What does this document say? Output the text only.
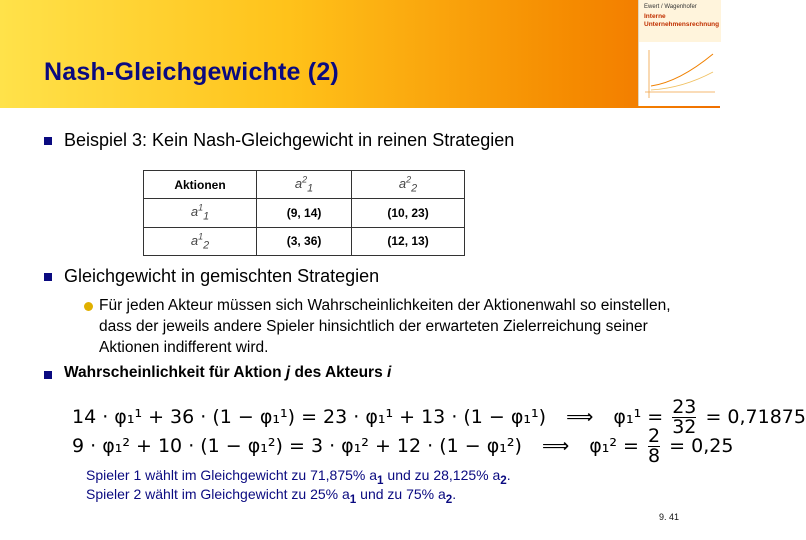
Nash-Gleichgewichte (2)
Ewert / Wagenhofer
Interne
Unternehmensrechnung
Beispiel 3: Kein Nash-Gleichgewicht in reinen Strategien
Aktionen	$a^2_1$	$a^2_2$
$a^1_1$	(9, 14)	(10, 23)
$a^1_2$	(3, 36)	(12, 13)
Gleichgewicht in gemischten Strategien
Für jeden Akteur müssen sich Wahrscheinlichkeiten der Aktionenwahl so einstellen, dass der jeweils andere Spieler hinsichtlich der erwarteten Zielerreichung seiner Aktionen indifferent wird.
Wahrscheinlichkeit für Aktion j des Akteurs i
14 · φ₁¹ + 36 · (1 − φ₁¹) = 23 · φ₁¹ + 13 · (1 − φ₁¹) ⟹ $\varphi_1^1 = \frac{23}{32} = 0,71875$
9 · φ₁² + 10 · (1 − φ₁²) = 3 · φ₁² + 12 · (1 − φ₁²) ⟹ $\varphi_1^2 = \frac{2}{8} = 0,25$
Spieler 1 wählt im Gleichgewicht zu 71,875% $a_1$ und zu 28,125% $a_2$.
Spieler 2 wählt im Gleichgewicht zu 25% $a_1$ und zu 75% $a_2$.
9. 41
